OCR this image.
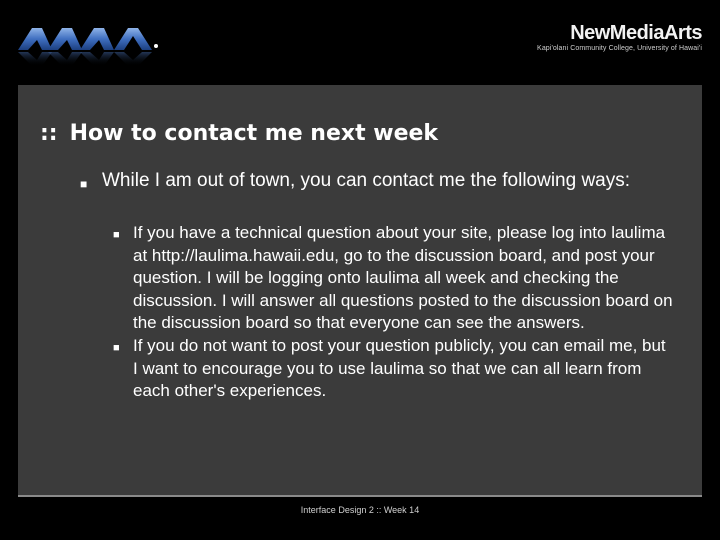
NewMediaArts
Kapi'olani Community College, University of Hawai'i
:: How to contact me next week
■ While I am out of town, you can contact me the following ways:
■ If you have a technical question about your site, please log into laulima at http://laulima.hawaii.edu, go to the discussion board, and post your question. I will be logging onto laulima all week and checking the discussion. I will answer all questions posted to the discussion board on the discussion board so that everyone can see the answers.
■ If you do not want to post your question publicly, you can email me, but I want to encourage you to use laulima so that we can all learn from each other's experiences.
Interface Design 2 :: Week 14
